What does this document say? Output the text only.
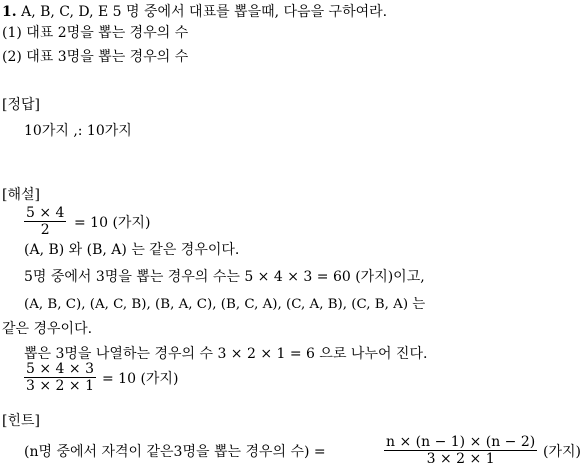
1. A, B, C, D, E 5 명 중에서 대표를 뽑을때, 다음을 구하여라.
(1) 대표 2명을 뽑는 경우의 수
(2) 대표 3명을 뽑는 경우의 수
[정답]
10가지 ,: 10가지
[해설]
5 × 4
2 = 10 (가지)
(A, B) 와 (B, A) 는 같은 경우이다.
5명 중에서 3명을 뽑는 경우의 수는 5 × 4 × 3 = 60 (가지)이고,
(A, B, C), (A, C, B), (B, A, C), (B, C, A), (C, A, B), (C, B, A) 는
같은 경우이다.
뽑은 3명을 나열하는 경우의 수 3 × 2 × 1 = 6 으로 나누어 진다.
5 × 4 × 3
3 × 2 × 1 = 10 (가지)
[힌트]
(n명 중에서 자격이 같은3명을 뽑는 경우의 수) =
n × (n − 1) × (n − 2)
3 × 2 × 1	(가지)
